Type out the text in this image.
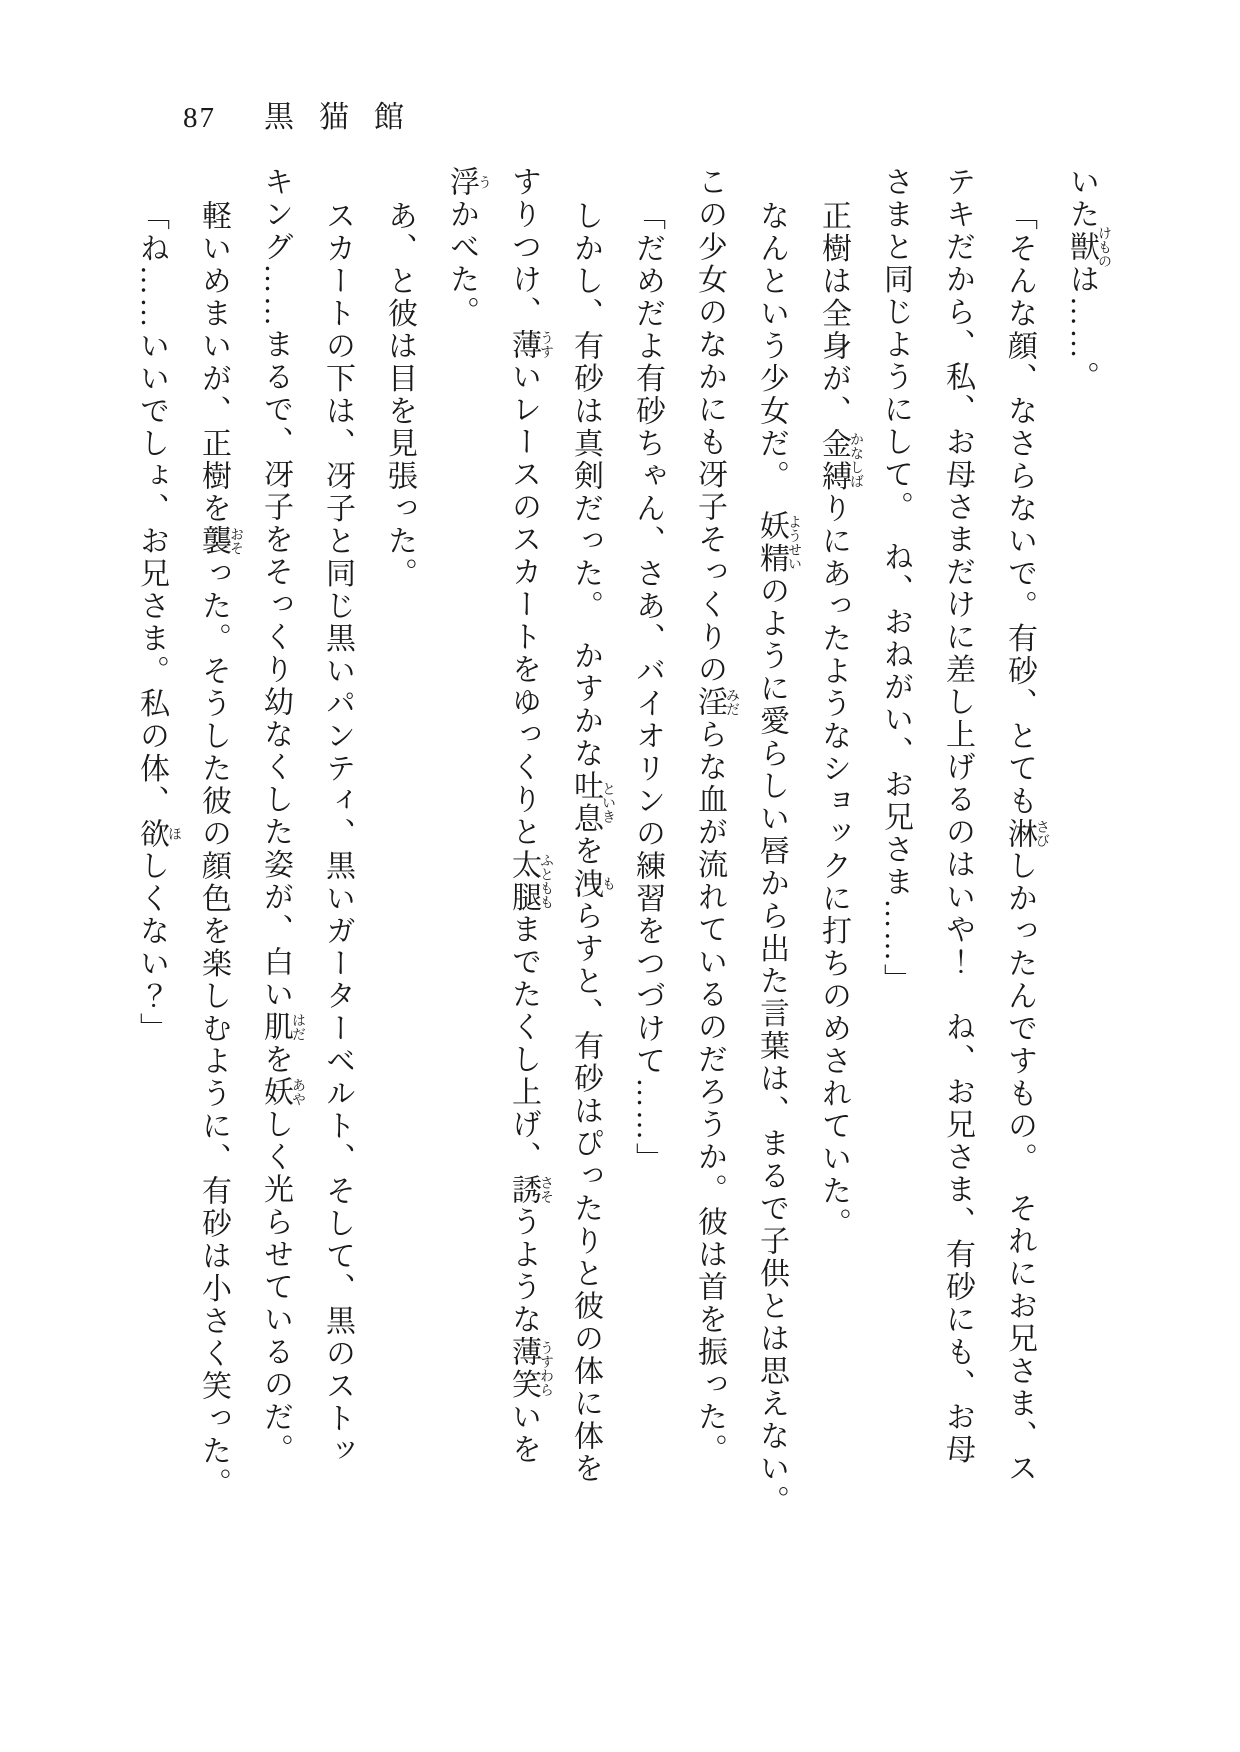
87 黒猫館

いた獣けものは……。

「そんな顔、なさらないで。有砂、とても淋さびしかったんですもの。　それにお兄さま、ス

テキだから、私、お母さまだけに差し上げるのはいや！　ね、お兄さま、有砂にも、お母

さまと同じようにして。　ね、おねがい、お兄さま……」

正樹は全身が、金縛かなしばりにあったようなショックに打ちのめされていた。

なんという少女だ。　妖精ようせいのように愛らしい唇から出た言葉は、まるで子供とは思えない。

この少女のなかにも冴子そっくりの淫みだらな血が流れているのだろうか。彼は首を振った。

「だめだよ有砂ちゃん、さあ、バイオリンの練習をつづけて……」

しかし、有砂は真剣だった。　かすかな吐息といきを洩もらすと、有砂はぴったりと彼の体に体を

すりつけ、薄うすいレースのスカートをゆっくりと太腿ふとももまでたくし上げ、誘さそうような薄笑うすわらいを

浮うかべた。

あ、と彼は目を見張った。

スカートの下は、冴子と同じ黒いパンティ、黒いガーターベルト、そして、黒のストッ

キング……まるで、冴子をそっくり幼なくした姿が、白い肌はだを妖あやしく光らせているのだ。

軽いめまいが、正樹を襲おそった。そうした彼の顔色を楽しむように、有砂は小さく笑った。

「ね……いいでしょ、お兄さま。私の体、欲ほしくない？」
